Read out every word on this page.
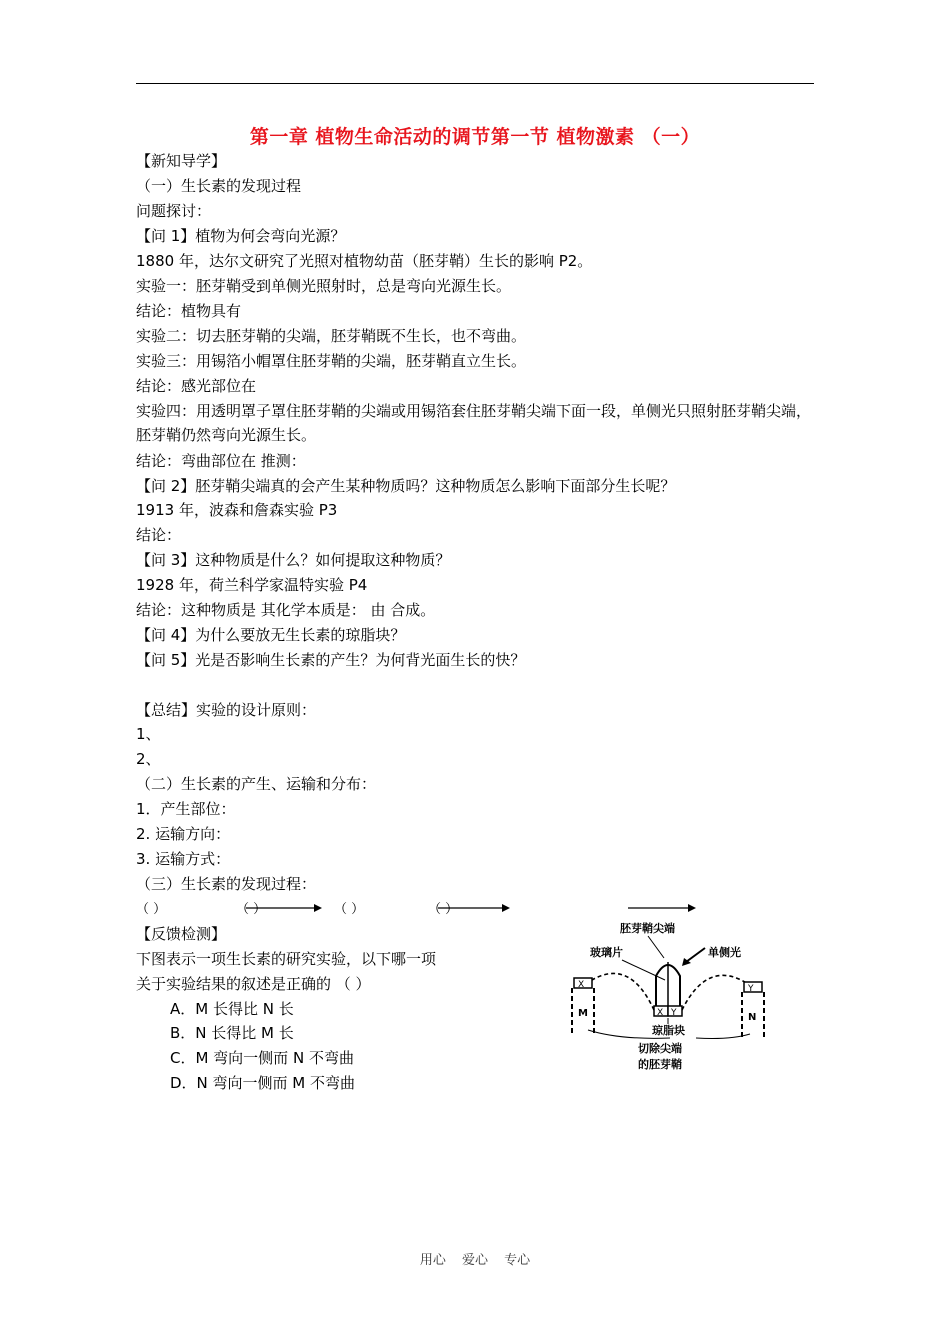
第一章 植物生命活动的调节第一节 植物激素 （一）
【新知导学】
（一）生长素的发现过程
问题探讨：
【问 1】植物为何会弯向光源？
1880 年，达尔文研究了光照对植物幼苗（胚芽鞘）生长的影响 P2。
实验一：胚芽鞘受到单侧光照射时，总是弯向光源生长。
结论：植物具有
实验二：切去胚芽鞘的尖端，胚芽鞘既不生长，也不弯曲。
实验三：用锡箔小帽罩住胚芽鞘的尖端，胚芽鞘直立生长。
结论：感光部位在
实验四：用透明罩子罩住胚芽鞘的尖端或用锡箔套住胚芽鞘尖端下面一段，单侧光只照射胚芽鞘尖端，胚芽鞘仍然弯向光源生长。
结论：弯曲部位在 推测：
【问 2】胚芽鞘尖端真的会产生某种物质吗？这种物质怎么影响下面部分生长呢？
1913 年，波森和詹森实验 P3
结论：
【问 3】这种物质是什么？如何提取这种物质？
1928 年，荷兰科学家温特实验 P4
结论：这种物质是 其化学本质是： 由 合成。
【问 4】为什么要放无生长素的琼脂块？
【问 5】光是否影响生长素的产生？为何背光面生长的快？
【总结】实验的设计原则：
1、
2、
（二）生长素的产生、运输和分布：
1．产生部位：
2. 运输方向：
3. 运输方式：
（三）生长素的发现过程：
（ ）	（ ）	（ ）	（ ）
【反馈检测】
下图表示一项生长素的研究实验，以下哪一项
关于实验结果的叙述是正确的 （ ）
A．M 长得比 N 长
B．N 长得比 M 长
C．M 弯向一侧而 N 不弯曲
D．N 弯向一侧而 M 不弯曲
胚芽鞘尖端
玻璃片	单侧光
琼脂块
切除尖端
的胚芽鞘
X Y
X
M
Y
N
用心 爱心 专心
